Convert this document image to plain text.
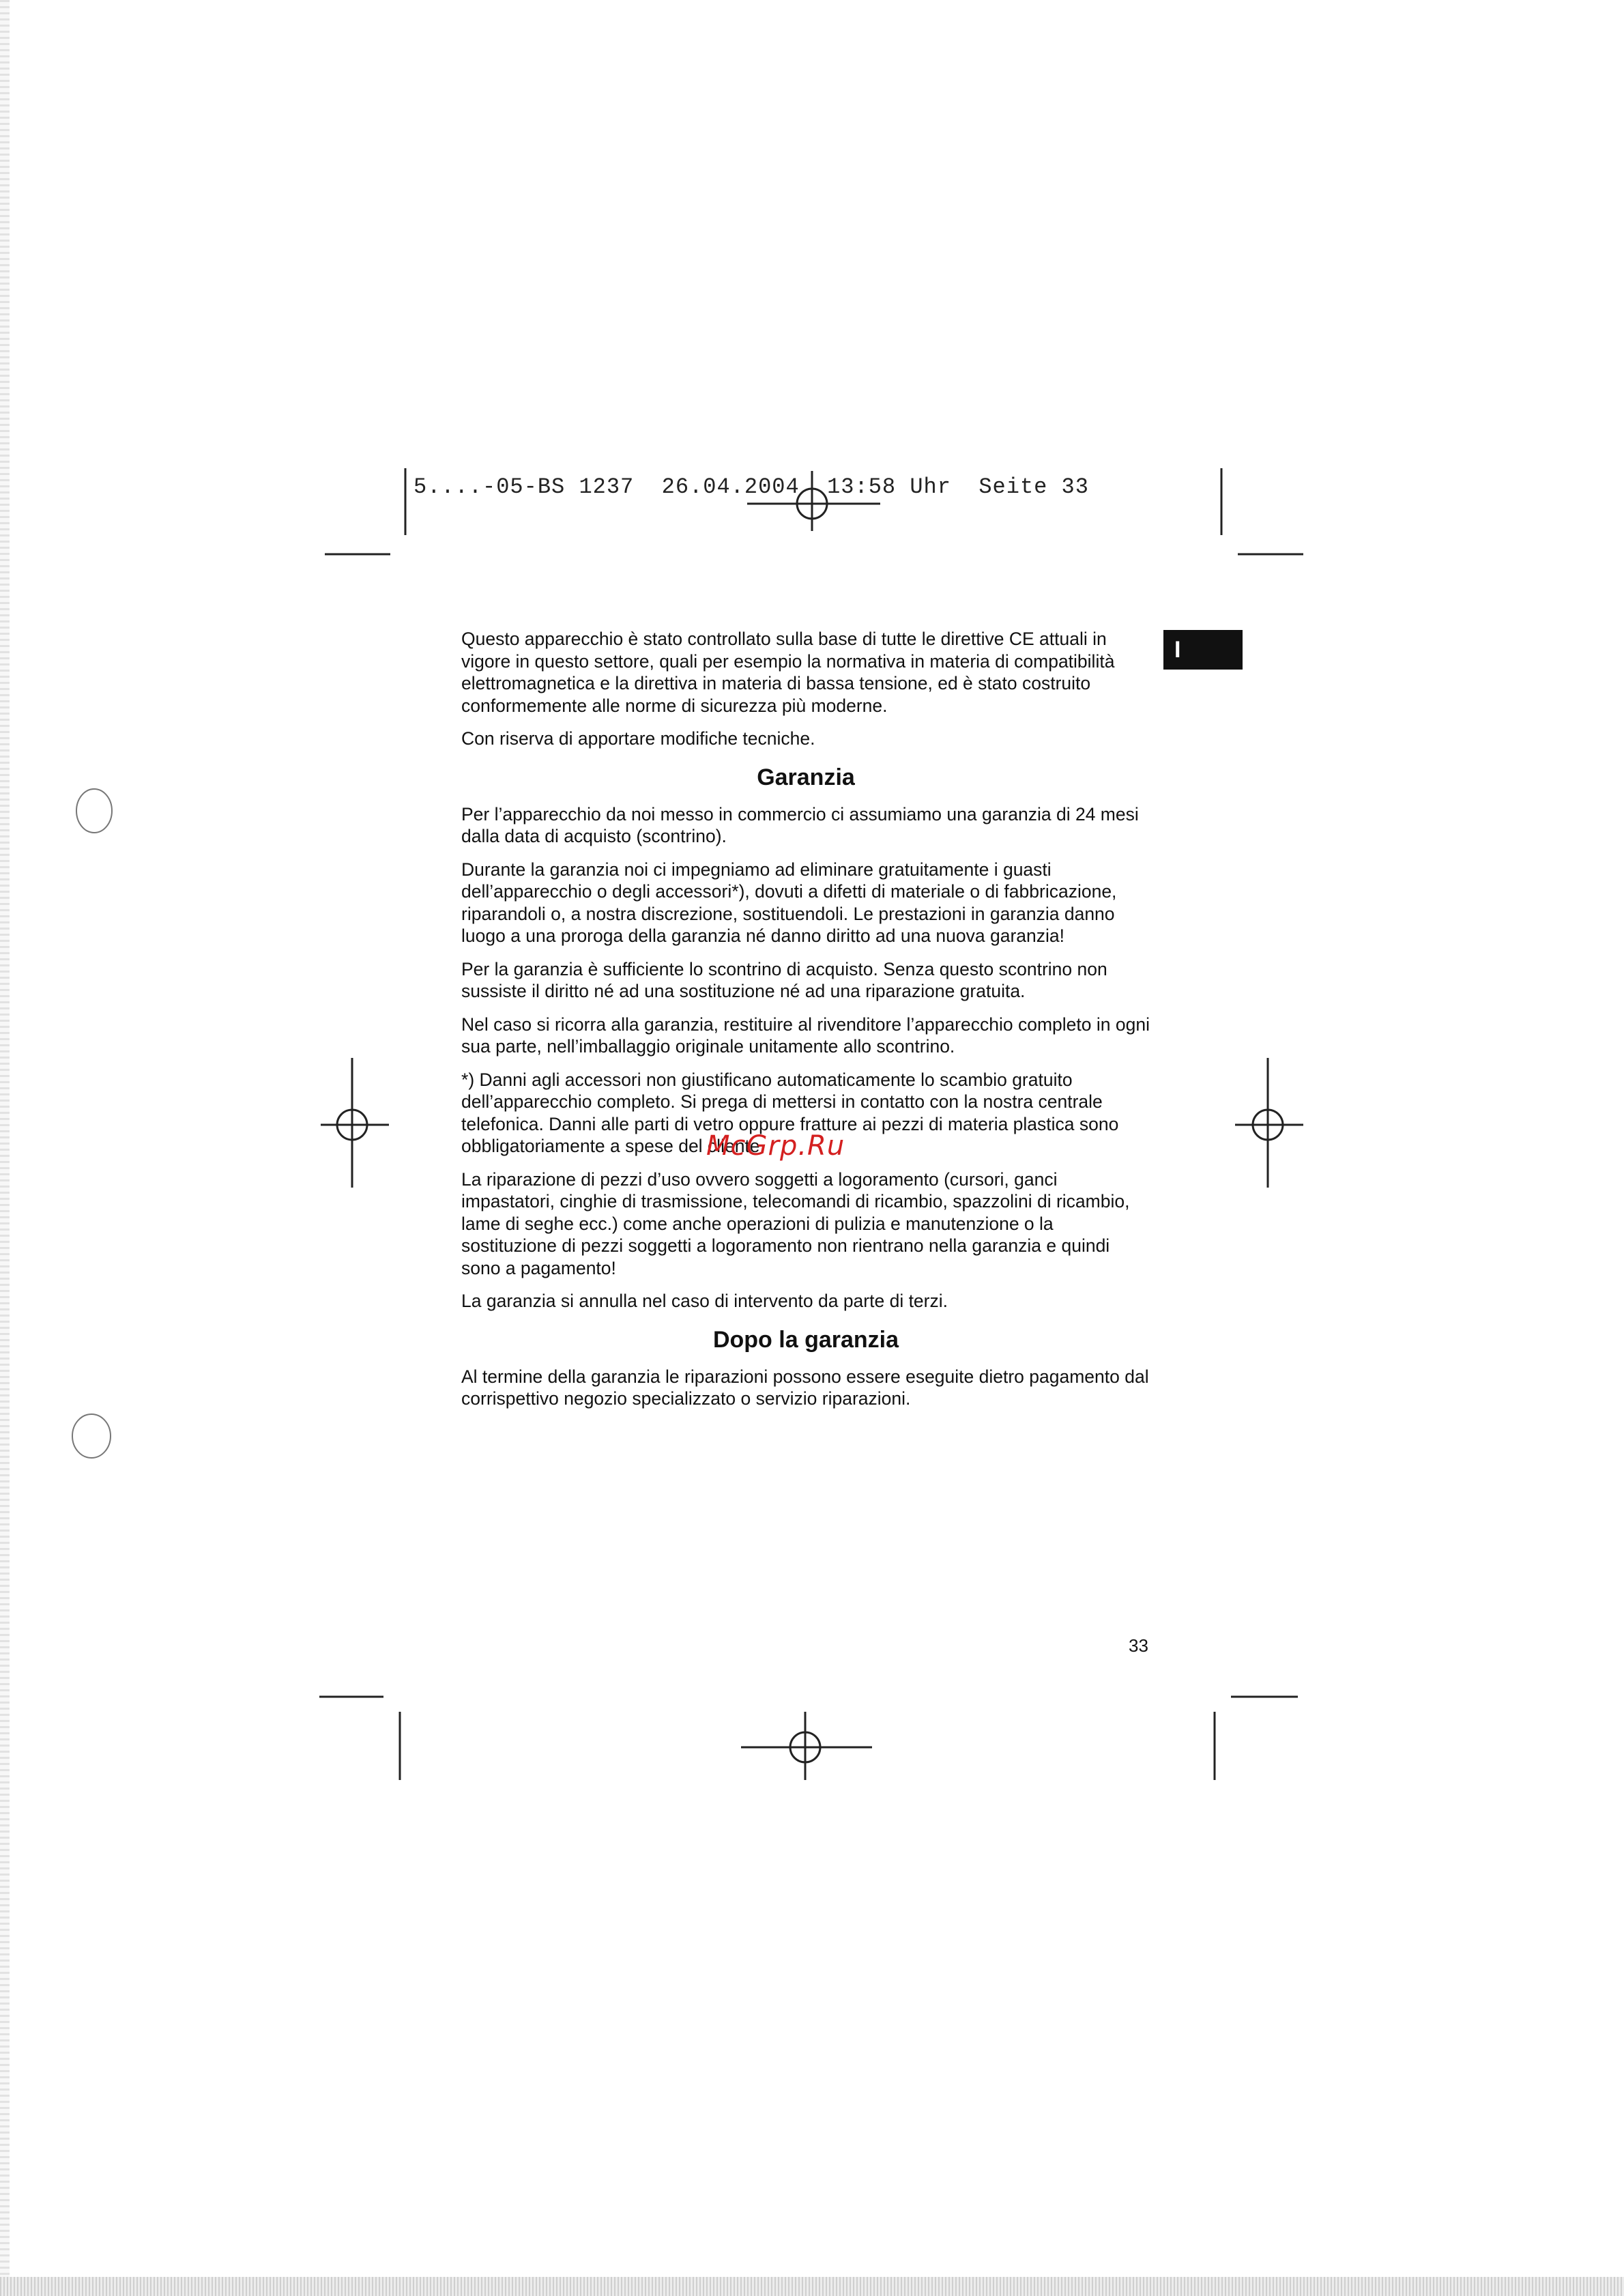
5....-05-BS 1237  26.04.2004  13:58 Uhr  Seite 33
I

Questo apparecchio è stato controllato sulla base di tutte le direttive CE attuali in vigore in questo settore, quali per esempio la normativa in materia di compatibilità elettromagnetica e la direttiva in materia di bassa tensione, ed è stato costruito conformemente alle norme di sicurezza più moderne.

Con riserva di apportare modifiche tecniche.

Garanzia

Per l’apparecchio da noi messo in commercio ci assumiamo una garanzia di 24 mesi dalla data di acquisto (scontrino).

Durante la garanzia noi ci impegniamo ad eliminare gratuitamente i guasti dell’apparecchio o degli accessori*), dovuti a difetti di materiale o di fabbricazione, riparandoli o, a nostra discrezione, sostituendoli. Le prestazioni in garanzia danno luogo a una proroga della garanzia né danno diritto ad una nuova garanzia!

Per la garanzia è sufficiente lo scontrino di acquisto. Senza questo scontrino non sussiste il diritto né ad una sostituzione né ad una riparazione gratuita.

Nel caso si ricorra alla garanzia, restituire al rivenditore l’apparecchio completo in ogni sua parte, nell’imballaggio originale unitamente allo scontrino.

*) Danni agli accessori non giustificano automaticamente lo scambio gratuito dell’apparecchio completo. Si prega di mettersi in contatto con la nostra centrale telefonica. Danni alle parti di vetro oppure fratture ai pezzi di materia plastica sono obbligatoriamente a spese del cliente.

La riparazione di pezzi d’uso ovvero soggetti a logoramento (cursori, ganci impastatori, cinghie di trasmissione, telecomandi di ricambio, spazzolini di ricambio, lame di seghe ecc.) come anche operazioni di pulizia e manutenzione o la sostituzione di pezzi soggetti a logoramento non rientrano nella garanzia e quindi sono a pagamento!

La garanzia si annulla nel caso di intervento da parte di terzi.

Dopo la garanzia

Al termine della garanzia le riparazioni possono essere eseguite dietro pagamento dal corrispettivo negozio specializzato o servizio riparazioni.

McGrp.Ru
33
